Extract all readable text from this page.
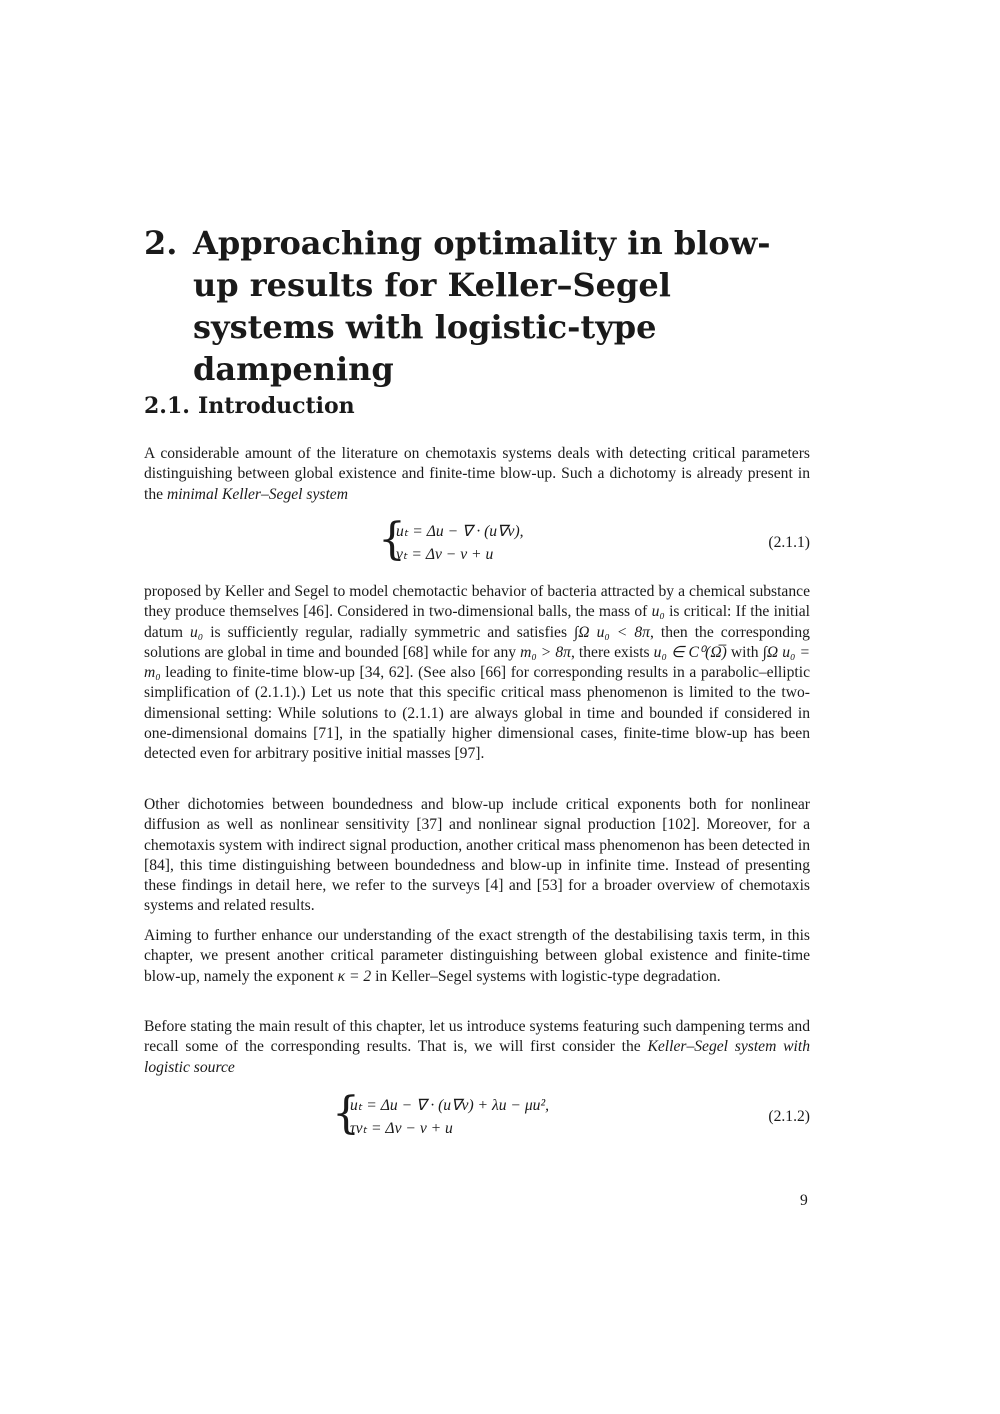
2. Approaching optimality in blow-up results for Keller–Segel systems with logistic-type dampening
2.1. Introduction

A considerable amount of the literature on chemotaxis systems deals with detecting critical parameters distinguishing between global existence and finite-time blow-up. Such a dichotomy is already present in the minimal Keller–Segel system

{
uₜ = Δu − ∇ · (u∇v),
vₜ = Δv − v + u
(2.1.1)

proposed by Keller and Segel to model chemotactic behavior of bacteria attracted by a chemical substance they produce themselves [46]. Considered in two-dimensional balls, the mass of u₀ is critical: If the initial datum u₀ is sufficiently regular, radially symmetric and satisfies ∫Ω u₀ < 8π, then the corresponding solutions are global in time and bounded [68] while for any m₀ > 8π, there exists u₀ ∈ C⁰(Ω̅) with ∫Ω u₀ = m₀ leading to finite-time blow-up [34, 62]. (See also [66] for corresponding results in a parabolic–elliptic simplification of (2.1.1).) Let us note that this specific critical mass phenomenon is limited to the two-dimensional setting: While solutions to (2.1.1) are always global in time and bounded if considered in one-dimensional domains [71], in the spatially higher dimensional cases, finite-time blow-up has been detected even for arbitrary positive initial masses [97].

Other dichotomies between boundedness and blow-up include critical exponents both for nonlinear diffusion as well as nonlinear sensitivity [37] and nonlinear signal production [102]. Moreover, for a chemotaxis system with indirect signal production, another critical mass phenomenon has been detected in [84], this time distinguishing between boundedness and blow-up in infinite time. Instead of presenting these findings in detail here, we refer to the surveys [4] and [53] for a broader overview of chemotaxis systems and related results.

Aiming to further enhance our understanding of the exact strength of the destabilising taxis term, in this chapter, we present another critical parameter distinguishing between global existence and finite-time blow-up, namely the exponent κ = 2 in Keller–Segel systems with logistic-type degradation.

Before stating the main result of this chapter, let us introduce systems featuring such dampening terms and recall some of the corresponding results. That is, we will first consider the Keller–Segel system with logistic source

{
uₜ = Δu − ∇ · (u∇v) + λu − μu²,
τvₜ = Δv − v + u
(2.1.2)
9
